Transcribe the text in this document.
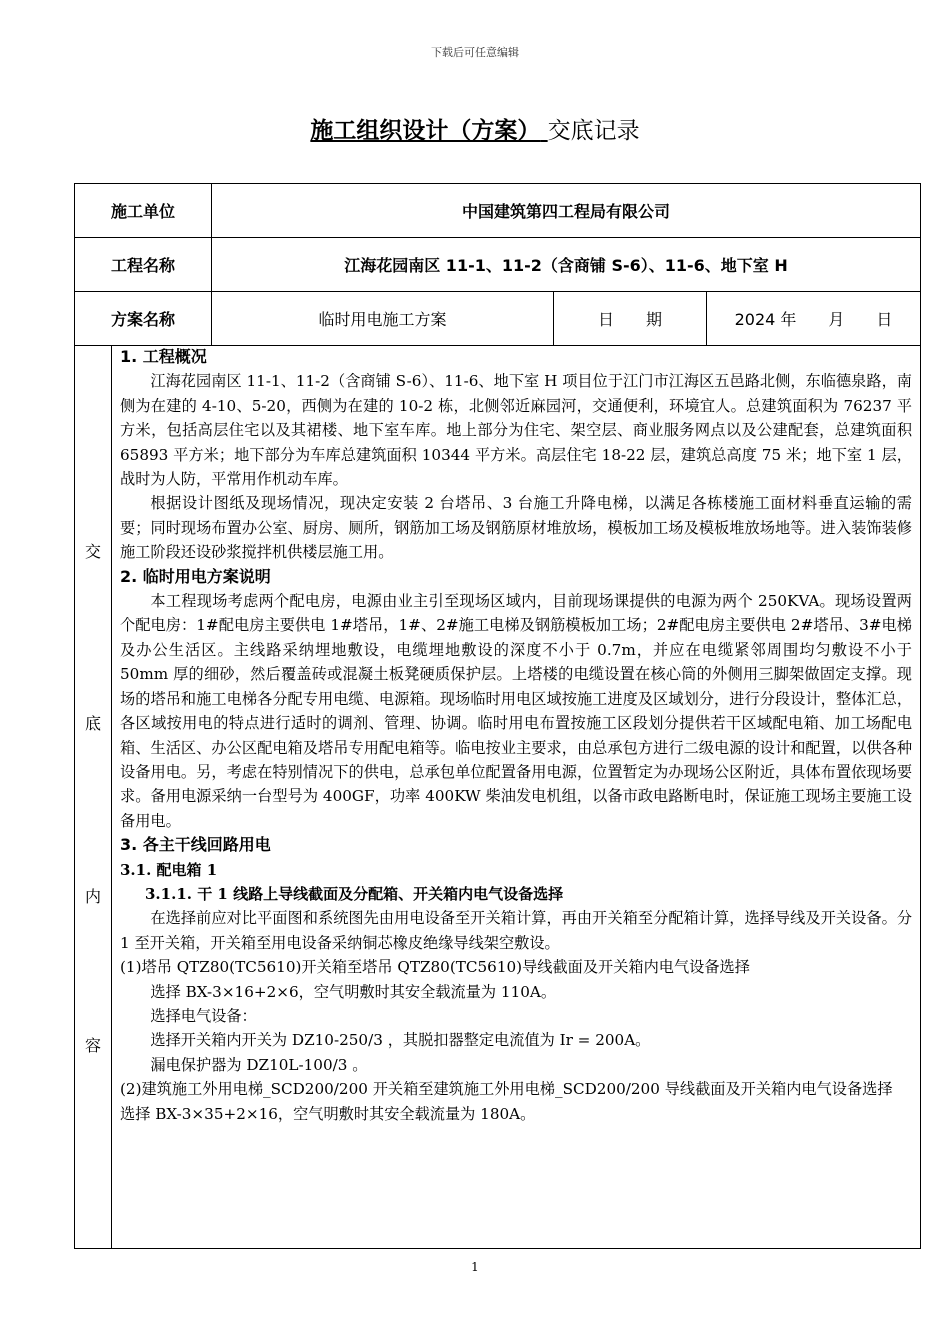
下载后可任意编辑
施工组织设计（方案） 交底记录
施工单位	中国建筑第四工程局有限公司		
工程名称	江海花园南区 11-1、11-2（含商铺 S-6）、11-6、地下室 H		
方案名称	临时用电施工方案	日　　期	2024 年　　月　　日
交
底
内
容
1. 工程概况

江海花园南区 11-1、11-2（含商铺 S-6）、11-6、地下室 H 项目位于江门市江海区五邑路北侧，东临德泉路，南侧为在建的 4-10、5-20，西侧为在建的 10-2 栋，北侧邻近麻园河，交通便利，环境宜人。总建筑面积为 76237 平方米，包括高层住宅以及其裙楼、地下室车库。地上部分为住宅、架空层、商业服务网点以及公建配套，总建筑面积 65893 平方米；地下部分为车库总建筑面积 10344 平方米。高层住宅 18-22 层，建筑总高度 75 米；地下室 1 层，战时为人防，平常用作机动车库。

根据设计图纸及现场情况，现决定安装 2 台塔吊、3 台施工升降电梯，以满足各栋楼施工面材料垂直运输的需要；同时现场布置办公室、厨房、厕所，钢筋加工场及钢筋原材堆放场，模板加工场及模板堆放场地等。进入装饰装修施工阶段还设砂浆搅拌机供楼层施工用。

2. 临时用电方案说明

本工程现场考虑两个配电房，电源由业主引至现场区域内，目前现场课提供的电源为两个 250KVA。现场设置两个配电房：1#配电房主要供电 1#塔吊，1#、2#施工电梯及钢筋模板加工场；2#配电房主要供电 2#塔吊、3#电梯及办公生活区。主线路采纳埋地敷设，电缆埋地敷设的深度不小于 0.7m，并应在电缆紧邻周围均匀敷设不小于 50mm 厚的细砂，然后覆盖砖或混凝土板凳硬质保护层。上塔楼的电缆设置在核心筒的外侧用三脚架做固定支撑。现场的塔吊和施工电梯各分配专用电缆、电源箱。现场临时用电区域按施工进度及区域划分，进行分段设计，整体汇总，各区域按用电的特点进行适时的调剂、管理、协调。临时用电布置按施工区段划分提供若干区域配电箱、加工场配电箱、生活区、办公区配电箱及塔吊专用配电箱等。临电按业主要求，由总承包方进行二级电源的设计和配置，以供各种设备用电。另，考虑在特别情况下的供电，总承包单位配置备用电源，位置暂定为办现场公区附近，具体布置依现场要求。备用电源采纳一台型号为 400GF，功率 400KW 柴油发电机组，以备市政电路断电时，保证施工现场主要施工设备用电。

3. 各主干线回路用电
3.1. 配电箱 1
3.1.1. 干 1 线路上导线截面及分配箱、开关箱内电气设备选择

在选择前应对比平面图和系统图先由用电设备至开关箱计算，再由开关箱至分配箱计算，选择导线及开关设备。分 1 至开关箱，开关箱至用电设备采纳铜芯橡皮绝缘导线架空敷设。

(1)塔吊 QTZ80(TC5610)开关箱至塔吊 QTZ80(TC5610)导线截面及开关箱内电气设备选择

选择 BX-3×16+2×6，空气明敷时其安全载流量为 110A。

选择电气设备：

选择开关箱内开关为 DZ10-250/3 ，其脱扣器整定电流值为 Ir = 200A。

漏电保护器为 DZ10L-100/3 。

(2)建筑施工外用电梯_SCD200/200 开关箱至建筑施工外用电梯_SCD200/200 导线截面及开关箱内电气设备选择

选择 BX-3×35+2×16，空气明敷时其安全载流量为 180A。

1
